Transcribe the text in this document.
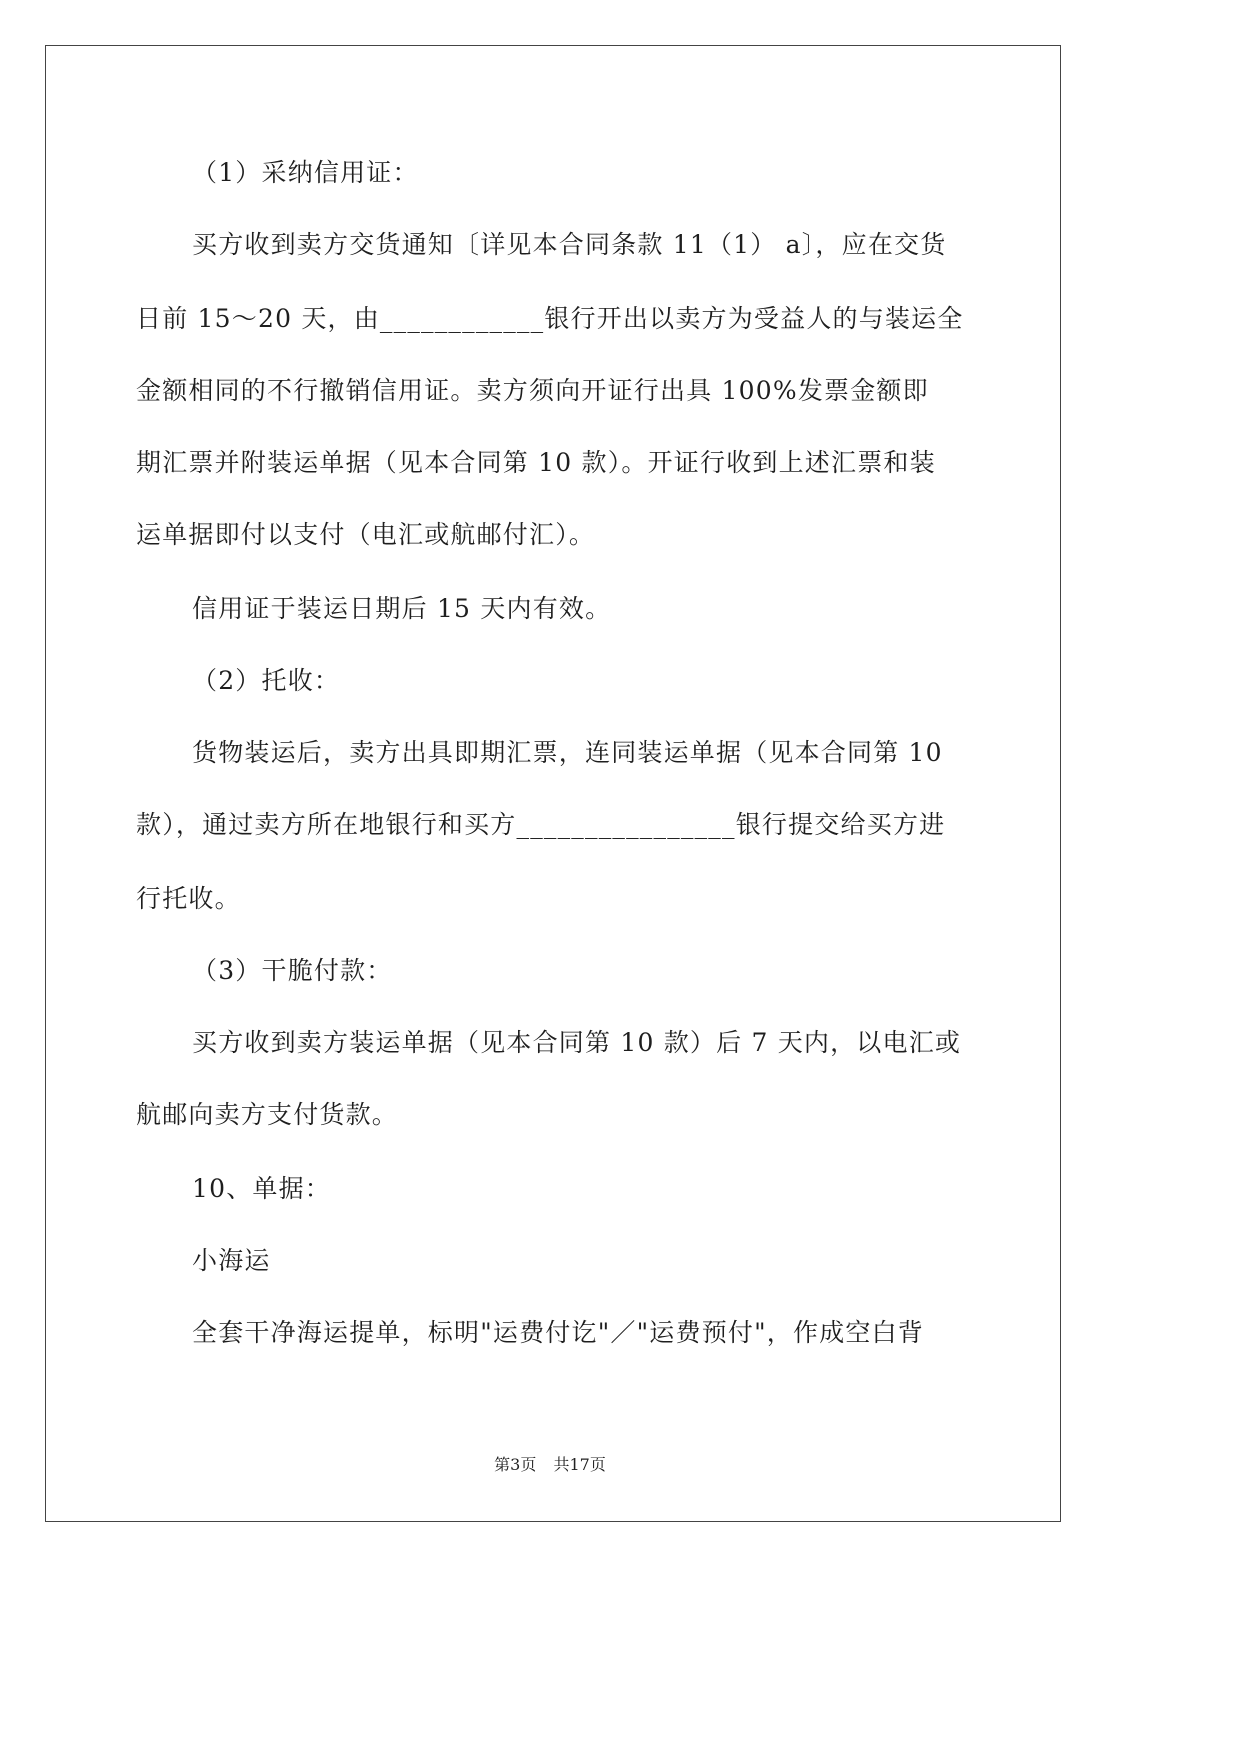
（1）采纳信用证：
买方收到卖方交货通知〔详见本合同条款 11（1） a〕，应在交货
日前 15～20 天，由____________银行开出以卖方为受益人的与装运全
金额相同的不行撤销信用证。卖方须向开证行出具 100%发票金额即
期汇票并附装运单据（见本合同第 10 款）。开证行收到上述汇票和装
运单据即付以支付（电汇或航邮付汇）。
信用证于装运日期后 15 天内有效。
（2）托收：
货物装运后，卖方出具即期汇票，连同装运单据（见本合同第 10
款），通过卖方所在地银行和买方________________银行提交给买方进
行托收。
（3）干脆付款：
买方收到卖方装运单据（见本合同第 10 款）后 7 天内，以电汇或
航邮向卖方支付货款。
10、单据：
小海运
全套干净海运提单，标明"运费付讫"／"运费预付"，作成空白背
第3页 共17页
